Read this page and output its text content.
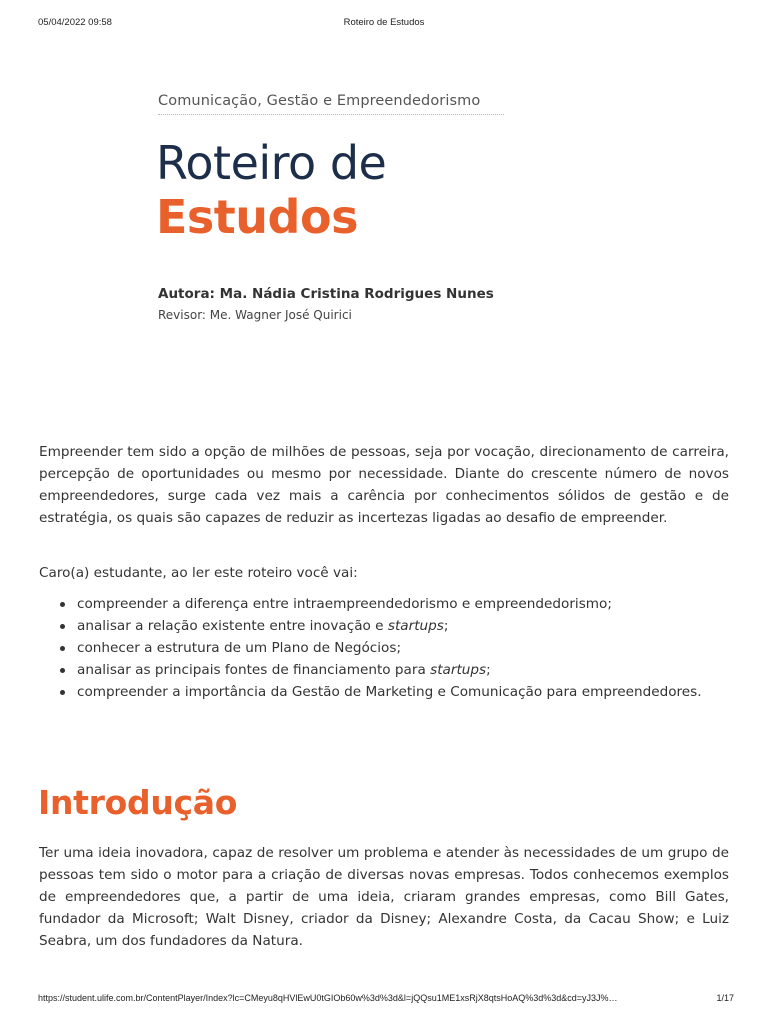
05/04/2022 09:58	Roteiro de Estudos
Comunicação, Gestão e Empreendedorismo
Roteiro de
Estudos
Autora: Ma. Nádia Cristina Rodrigues Nunes
Revisor: Me. Wagner José Quirici

Empreender tem sido a opção de milhões de pessoas, seja por vocação, direcionamento de carreira, percepção de oportunidades ou mesmo por necessidade. Diante do crescente número de novos empreendedores, surge cada vez mais a carência por conhecimentos sólidos de gestão e de estratégia, os quais são capazes de reduzir as incertezas ligadas ao desafio de empreender.

Caro(a) estudante, ao ler este roteiro você vai:

compreender a diferença entre intraempreendedorismo e empreendedorismo;
analisar a relação existente entre inovação e startups;
conhecer a estrutura de um Plano de Negócios;
analisar as principais fontes de financiamento para startups;
compreender a importância da Gestão de Marketing e Comunicação para empreendedores.
Introdução

Ter uma ideia inovadora, capaz de resolver um problema e atender às necessidades de um grupo de pessoas tem sido o motor para a criação de diversas novas empresas. Todos conhecemos exemplos de empreendedores que, a partir de uma ideia, criaram grandes empresas, como Bill Gates, fundador da Microsoft; Walt Disney, criador da Disney; Alexandre Costa, da Cacau Show; e Luiz Seabra, um dos fundadores da Natura.

https://student.ulife.com.br/ContentPlayer/Index?lc=CMeyu8qHVlEwU0tGIOb60w%3d%3d&l=jQQsu1ME1xsRjX8qtsHoAQ%3d%3d&cd=yJ3J%…	1/17
